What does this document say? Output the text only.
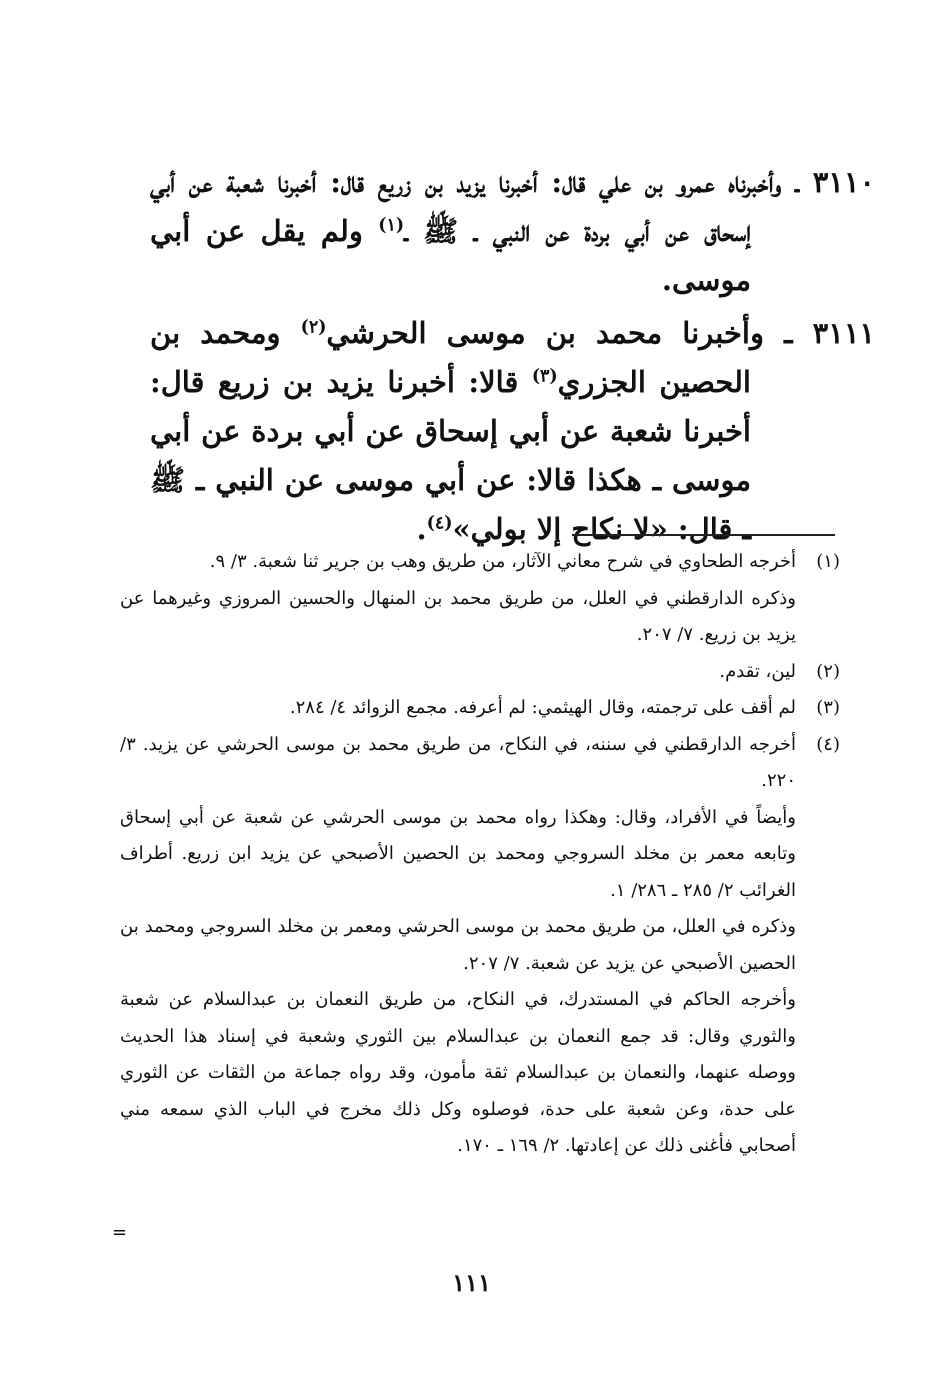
٣١١٠ ـ وأخبرناه عمرو بن علي قال: أخبرنا يزيد بن زريع قال: أخبرنا شعبة عن أبي إسحاق عن أبي بردة عن النبي ـ ﷺ ـ$^{(١)}$ ولم يقل عن أبي موسى.
٣١١١ ـ وأخبرنا محمد بن موسى الحرشي$^{(٢)}$ ومحمد بن الحصين الجزري$^{(٣)}$ قالا: أخبرنا يزيد بن زريع قال: أخبرنا شعبة عن أبي إسحاق عن أبي بردة عن أبي موسى ـ هكذا قالا: عن أبي موسى عن النبي ـ ﷺ ـ قال: «لا نكاح إلا بولي»$^{(٤)}$.
(١)
أخرجه الطحاوي في شرح معاني الآثار، من طريق وهب بن جرير ثنا شعبة. ٣/ ٩.
وذكره الدارقطني في العلل، من طريق محمد بن المنهال والحسين المروزي وغيرهما عن يزيد بن زريع. ٧/ ٢٠٧.
(٢)
لين، تقدم.
(٣)
لم أقف على ترجمته، وقال الهيثمي: لم أعرفه. مجمع الزوائد ٤/ ٢٨٤.
(٤)
أخرجه الدارقطني في سننه، في النكاح، من طريق محمد بن موسى الحرشي عن يزيد. ٣/ ٢٢٠.
وأيضاً في الأفراد، وقال: وهكذا رواه محمد بن موسى الحرشي عن شعبة عن أبي إسحاق وتابعه معمر بن مخلد السروجي ومحمد بن الحصين الأصبحي عن يزيد ابن زريع. أطراف الغرائب ٢/ ٢٨٥ ـ ٢٨٦/ ١.
وذكره في العلل، من طريق محمد بن موسى الحرشي ومعمر بن مخلد السروجي ومحمد بن الحصين الأصبحي عن يزيد عن شعبة. ٧/ ٢٠٧.
وأخرجه الحاكم في المستدرك، في النكاح، من طريق النعمان بن عبدالسلام عن شعبة والثوري وقال: قد جمع النعمان بن عبدالسلام بين الثوري وشعبة في إسناد هذا الحديث ووصله عنهما، والنعمان بن عبدالسلام ثقة مأمون، وقد رواه جماعة من الثقات عن الثوري على حدة، وعن شعبة على حدة، فوصلوه وكل ذلك مخرج في الباب الذي سمعه مني أصحابي فأغنى ذلك عن إعادتها. ٢/ ١٦٩ ـ ١٧٠.
=
١١١
